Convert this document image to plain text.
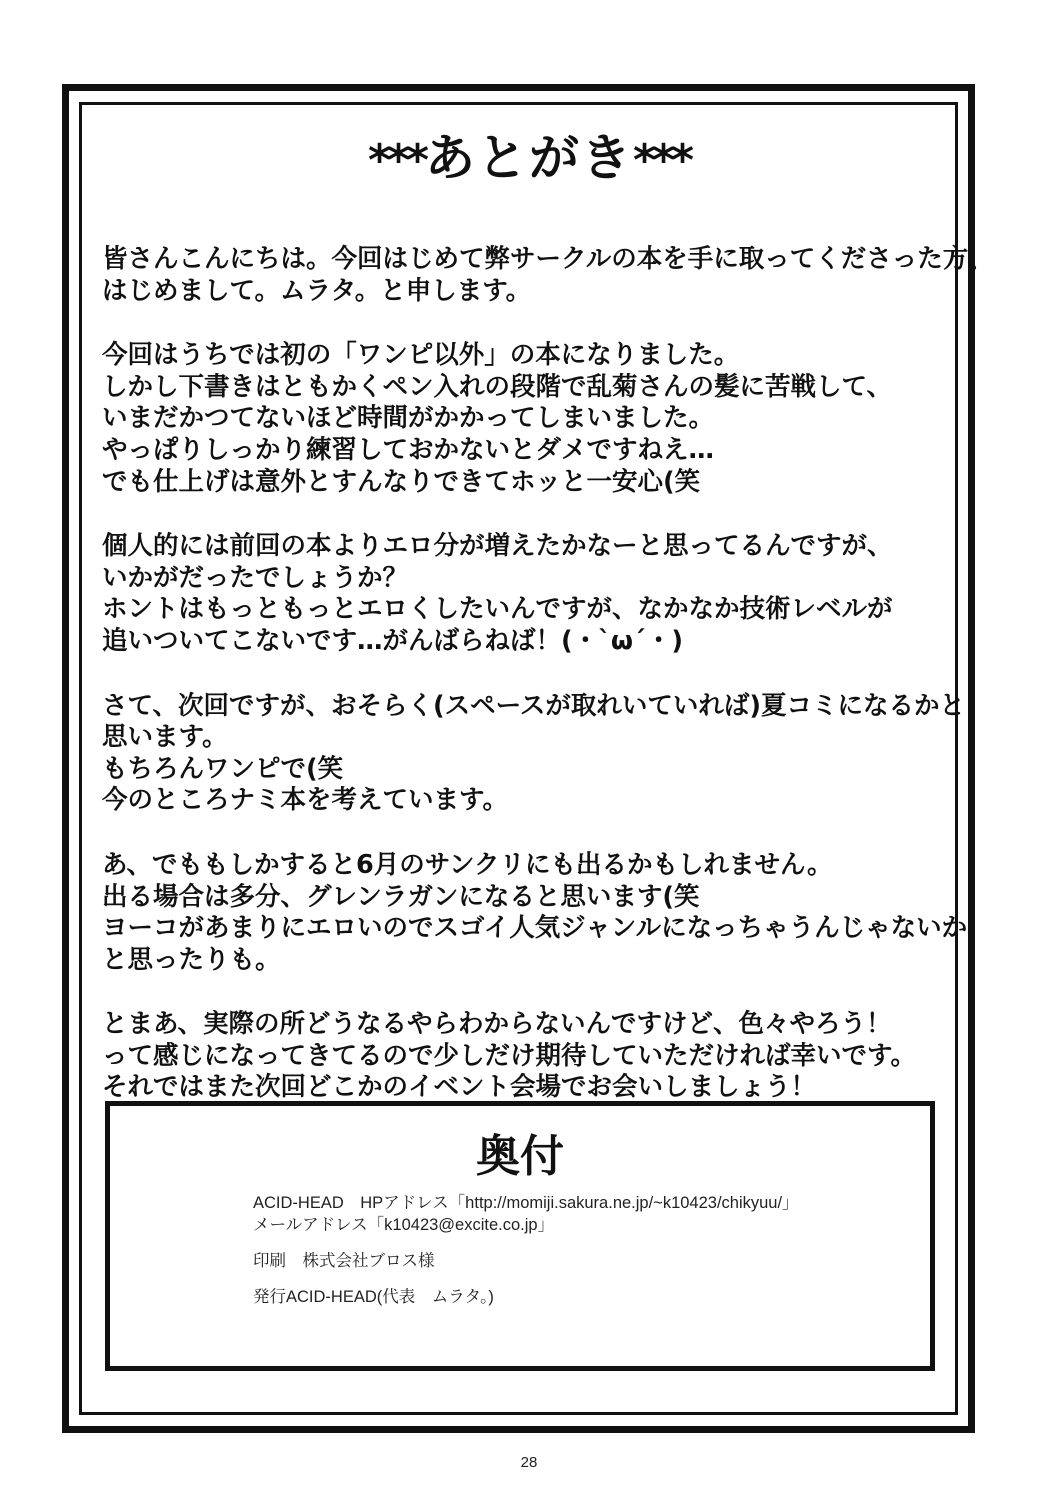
***あとがき***

皆さんこんにちは。今回はじめて弊サークルの本を手に取ってくださった方、
はじめまして。ムラタ。と申します。

今回はうちでは初の「ワンピ以外」の本になりました。
しかし下書きはともかくペン入れの段階で乱菊さんの髪に苦戦して、
いまだかつてないほど時間がかかってしまいました。
やっぱりしっかり練習しておかないとダメですねえ…
でも仕上げは意外とすんなりできてホッと一安心(笑

個人的には前回の本よりエロ分が増えたかなーと思ってるんですが、
いかがだったでしょうか？
ホントはもっともっとエロくしたいんですが、なかなか技術レベルが
追いついてこないです…がんばらねば！(・`ω´・)

さて、次回ですが、おそらく(スペースが取れいていれば)夏コミになるかと
思います。
もちろんワンピで(笑
今のところナミ本を考えています。

あ、でももしかすると6月のサンクリにも出るかもしれません。
出る場合は多分、グレンラガンになると思います(笑
ヨーコがあまりにエロいのでスゴイ人気ジャンルになっちゃうんじゃないか
と思ったりも。

とまあ、実際の所どうなるやらわからないんですけど、色々やろう！
って感じになってきてるので少しだけ期待していただければ幸いです。
それではまた次回どこかのイベント会場でお会いしましょう！

奥付
ACID-HEAD　HPアドレス「http://momiji.sakura.ne.jp/~k10423/chikyuu/」
メールアドレス「k10423@excite.co.jp」
印刷　株式会社ブロス様
発行ACID-HEAD(代表　ムラタ。)
28
